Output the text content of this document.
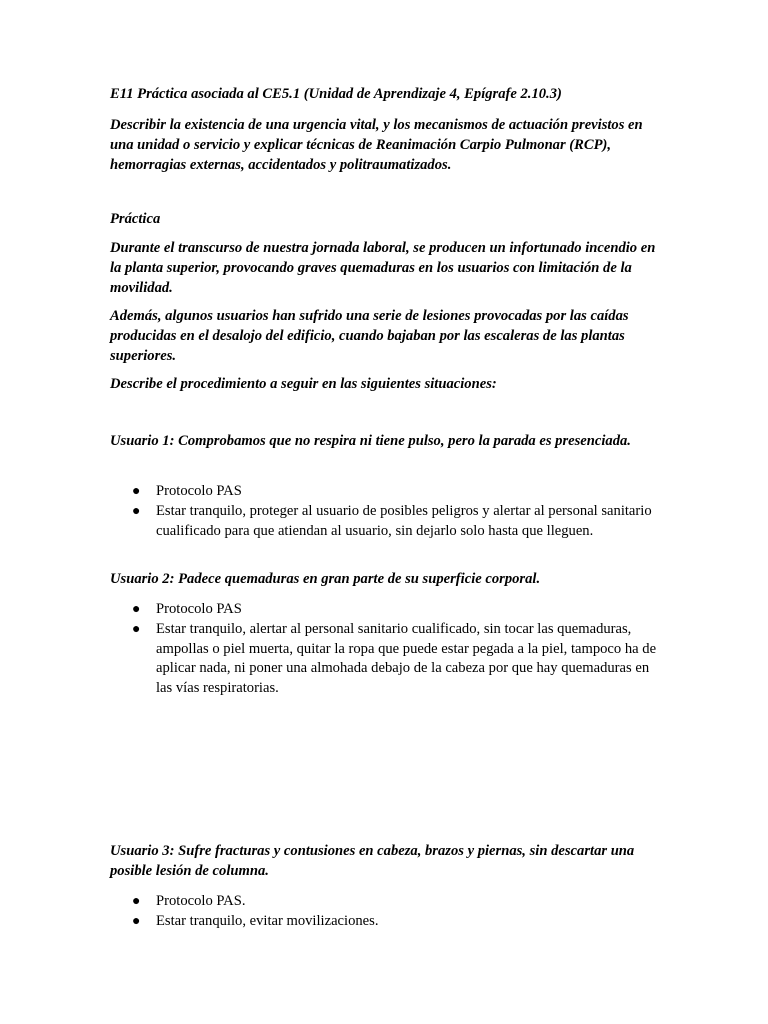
E11 Práctica asociada al CE5.1 (Unidad de Aprendizaje 4, Epígrafe 2.10.3)

Describir la existencia de una urgencia vital, y los mecanismos de actuación previstos en una unidad o servicio y explicar técnicas de Reanimación Carpio Pulmonar (RCP), hemorragias externas, accidentados y politraumatizados.

Práctica

Durante el transcurso de nuestra jornada laboral, se producen un infortunado incendio en la planta superior, provocando graves quemaduras en los usuarios con limitación de la movilidad.

Además, algunos usuarios han sufrido una serie de lesiones provocadas por las caídas producidas en el desalojo del edificio, cuando bajaban por las escaleras de las plantas superiores.

Describe el procedimiento a seguir en las siguientes situaciones:

Usuario 1: Comprobamos que no respira ni tiene pulso, pero la parada es presenciada.

● Protocolo PAS
● Estar tranquilo, proteger al usuario de posibles peligros y alertar al personal sanitario cualificado para que atiendan al usuario, sin dejarlo solo hasta que lleguen.

Usuario 2: Padece quemaduras en gran parte de su superficie corporal.

● Protocolo PAS
● Estar tranquilo, alertar al personal sanitario cualificado, sin tocar las quemaduras, ampollas o piel muerta, quitar la ropa que puede estar pegada a la piel, tampoco ha de aplicar nada, ni poner una almohada debajo de la cabeza por que hay quemaduras en las vías respiratorias.

Usuario 3: Sufre fracturas y contusiones en cabeza, brazos y piernas, sin descartar una posible lesión de columna.

● Protocolo PAS.
● Estar tranquilo, evitar movilizaciones.
